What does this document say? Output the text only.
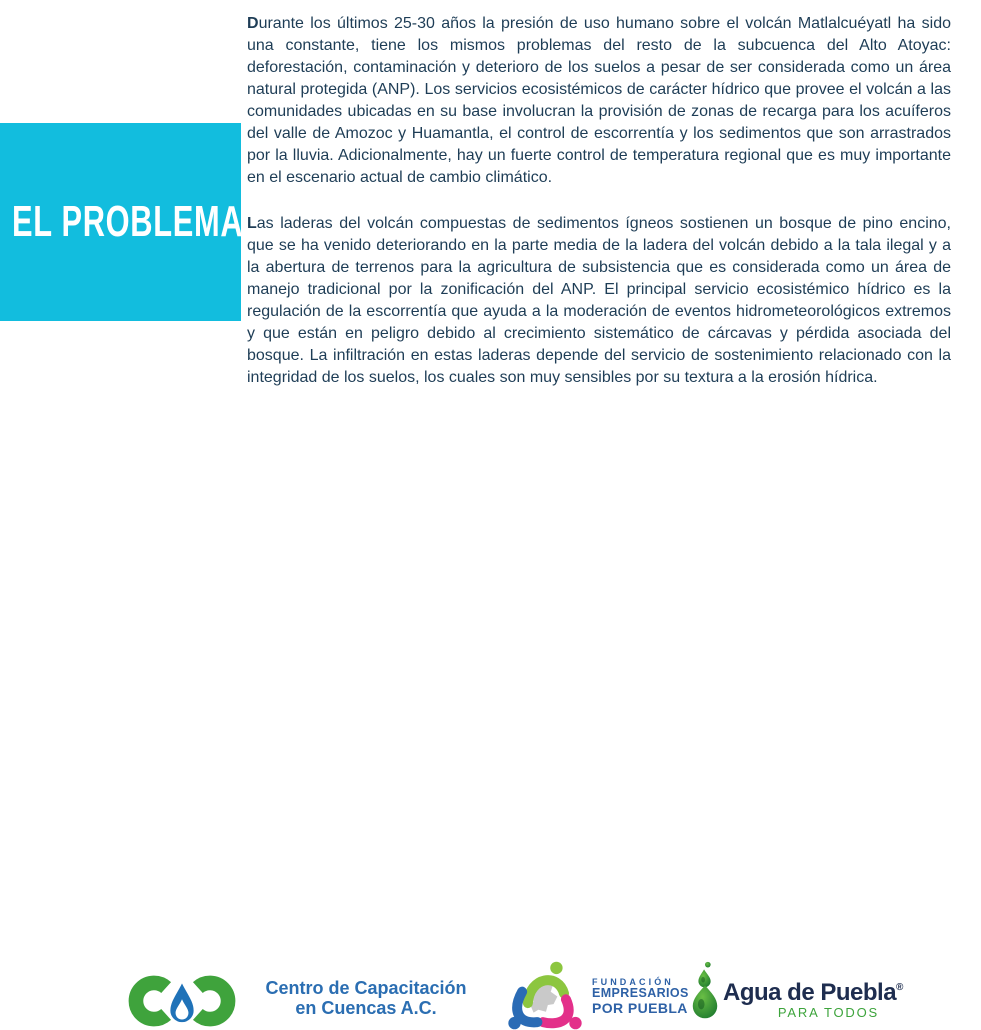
EL PROBLEMA

Durante los últimos 25-30 años la presión de uso humano sobre el volcán Matlalcuéyatl ha sido una constante, tiene los mismos problemas del resto de la subcuenca del Alto Atoyac: deforestación, contaminación y deterioro de los suelos a pesar de ser considerada como un área natural protegida (ANP). Los servicios ecosistémicos de carácter hídrico que provee el volcán a las comunidades ubicadas en su base involucran la provisión de zonas de recarga para los acuíferos del valle de Amozoc y Huamantla, el control de escorrentía y los sedimentos que son arrastrados por la lluvia. Adicionalmente, hay un fuerte control de temperatura regional que es muy importante en el escenario actual de cambio climático.

Las laderas del volcán compuestas de sedimentos ígneos sostienen un bosque de pino encino, que se ha venido deteriorando en la parte media de la ladera del volcán debido a la tala ilegal y a la abertura de terrenos para la agricultura de subsistencia que es considerada como un área de manejo tradicional por la zonificación del ANP. El principal servicio ecosistémico hídrico es la regulación de la escorrentía que ayuda a la moderación de eventos hidrometeorológicos extremos y que están en peligro debido al crecimiento sistemático de cárcavas y pérdida asociada del bosque. La infiltración en estas laderas depende del servicio de sostenimiento relacionado con la integridad de los suelos, los cuales son muy sensibles por su textura a la erosión hídrica.

Centro de Capacitación
en Cuencas A.C.
FUNDACIÓN
EMPRESARIOS
POR PUEBLA
Agua de Puebla®
PARA TODOS
